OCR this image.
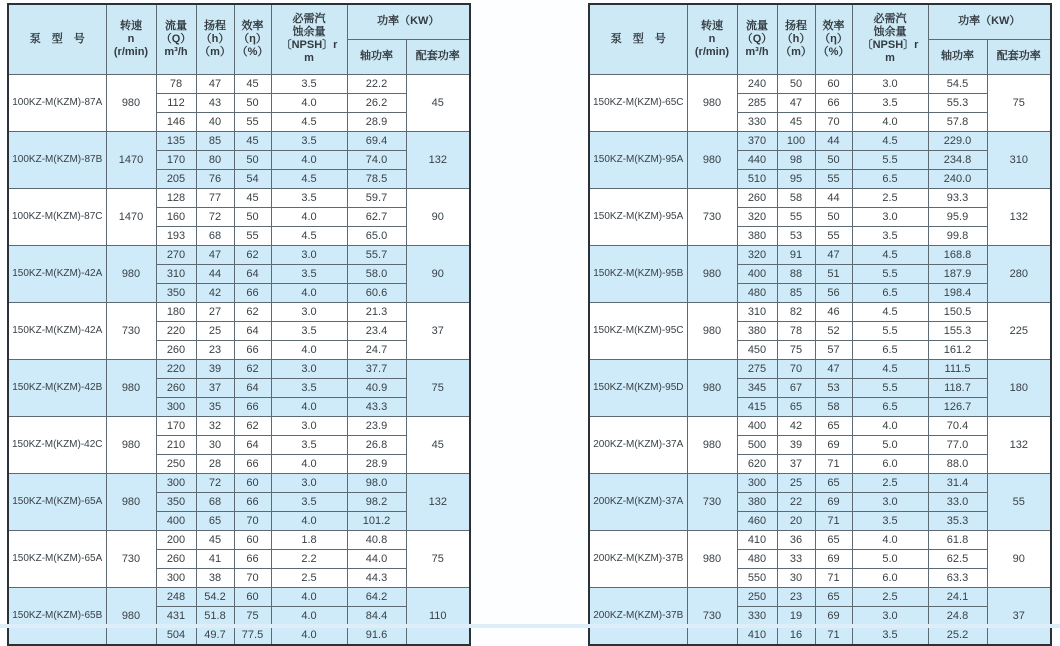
泵　型　号

转速
n
(r/min)

流量
（Q）
m³/h

扬程
（h）
（m）

效率
（η）
（%）

必需汽
蚀余量
〔NPSH〕r
m

功率（KW）

						轴功率	配套功率

100KZ-M(KZM)-87A	980	78	47	45	3.5	22.2	45
		112	43	50	4.0	26.2	
		146	40	55	4.5	28.9	
100KZ-M(KZM)-87B	1470	135	85	45	3.5	69.4	132
		170	80	50	4.0	74.0	
		205	76	54	4.5	78.5	
100KZ-M(KZM)-87C	1470	128	77	45	3.5	59.7	90
		160	72	50	4.0	62.7	
		193	68	55	4.5	65.0	
150KZ-M(KZM)-42A	980	270	47	62	3.0	55.7	90
		310	44	64	3.5	58.0	
		350	42	66	4.0	60.6	
150KZ-M(KZM)-42A	730	180	27	62	3.0	21.3	37
		220	25	64	3.5	23.4	
		260	23	66	4.0	24.7	
150KZ-M(KZM)-42B	980	220	39	62	3.0	37.7	75
		260	37	64	3.5	40.9	
		300	35	66	4.0	43.3	
150KZ-M(KZM)-42C	980	170	32	62	3.0	23.9	45
		210	30	64	3.5	26.8	
		250	28	66	4.0	28.9	
150KZ-M(KZM)-65A	980	300	72	60	3.0	98.0	132
		350	68	66	3.5	98.2	
		400	65	70	4.0	101.2	
150KZ-M(KZM)-65A	730	200	45	60	1.8	40.8	75
		260	41	66	2.2	44.0	
		300	38	70	2.5	44.3	
150KZ-M(KZM)-65B	980	248	54.2	60	4.0	64.2	110
		431	51.8	75	4.0	84.4	
		504	49.7	77.5	4.0	91.6	
泵　型　号

转速
n
(r/min)

流量
（Q）
m³/h

扬程
（h）
（m）

效率
（η）
（%）

必需汽
蚀余量
〔NPSH〕r
m

功率（KW）

						轴功率	配套功率

150KZ-M(KZM)-65C	980	240	50	60	3.0	54.5	75
		285	47	66	3.5	55.3	
		330	45	70	4.0	57.8	
150KZ-M(KZM)-95A	980	370	100	44	4.5	229.0	310
		440	98	50	5.5	234.8	
		510	95	55	6.5	240.0	
150KZ-M(KZM)-95A	730	260	58	44	2.5	93.3	132
		320	55	50	3.0	95.9	
		380	53	55	3.5	99.8	
150KZ-M(KZM)-95B	980	320	91	47	4.5	168.8	280
		400	88	51	5.5	187.9	
		480	85	56	6.5	198.4	
150KZ-M(KZM)-95C	980	310	82	46	4.5	150.5	225
		380	78	52	5.5	155.3	
		450	75	57	6.5	161.2	
150KZ-M(KZM)-95D	980	275	70	47	4.5	111.5	180
		345	67	53	5.5	118.7	
		415	65	58	6.5	126.7	
200KZ-M(KZM)-37A	980	400	42	65	4.0	70.4	132
		500	39	69	5.0	77.0	
		620	37	71	6.0	88.0	
200KZ-M(KZM)-37A	730	300	25	65	2.5	31.4	55
		380	22	69	3.0	33.0	
		460	20	71	3.5	35.3	
200KZ-M(KZM)-37B	980	410	36	65	4.0	61.8	90
		480	33	69	5.0	62.5	
		550	30	71	6.0	63.3	
200KZ-M(KZM)-37B	730	250	23	65	2.5	24.1	37
		330	19	69	3.0	24.8	
		410	16	71	3.5	25.2	
